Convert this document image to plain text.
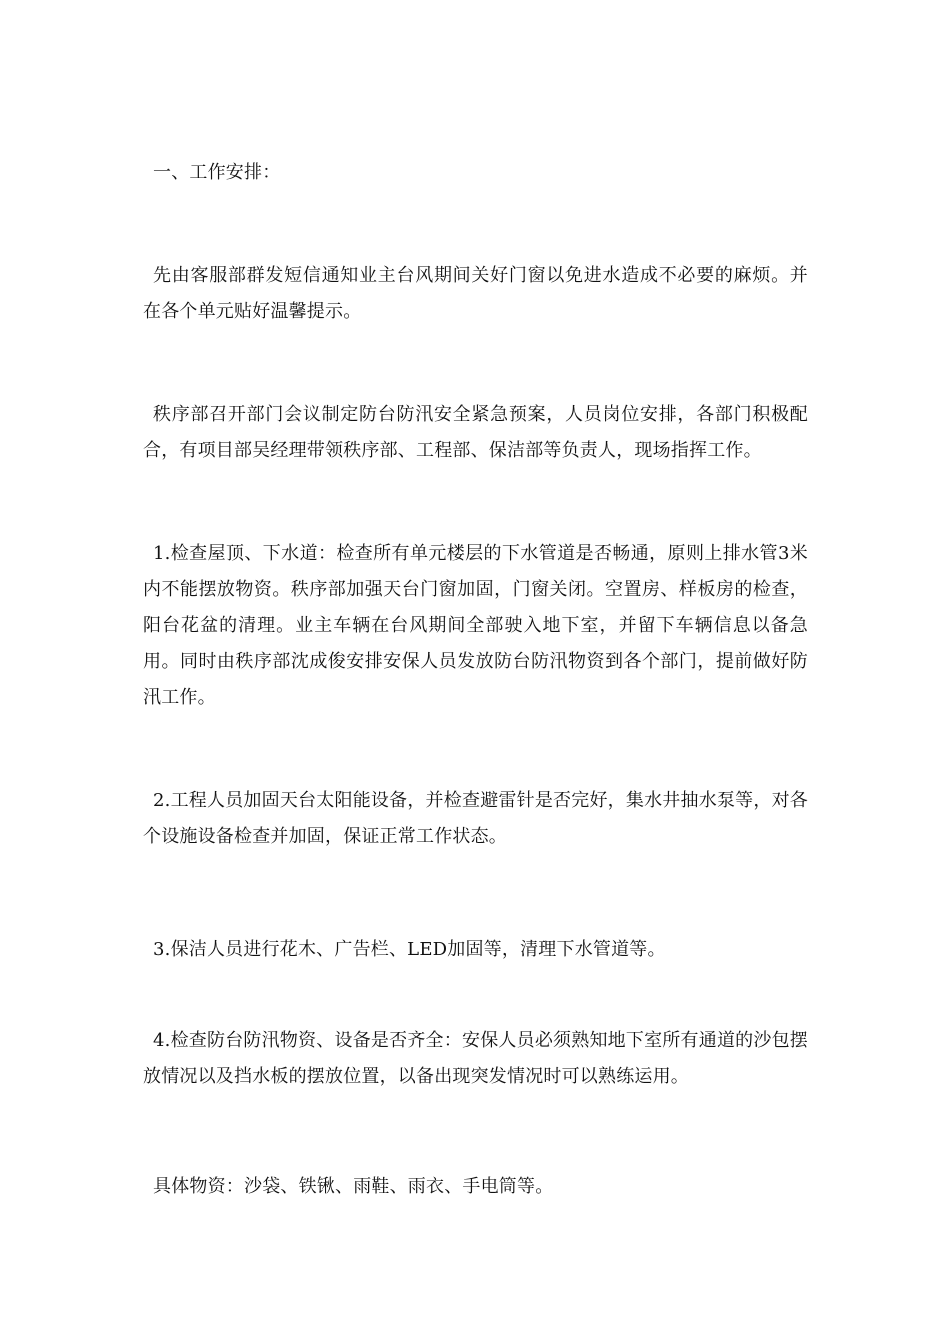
一、工作安排：

先由客服部群发短信通知业主台风期间关好门窗以免进水造成不必要的麻烦。并在各个单元贴好温馨提示。

秩序部召开部门会议制定防台防汛安全紧急预案，人员岗位安排，各部门积极配合，有项目部吴经理带领秩序部、工程部、保洁部等负责人，现场指挥工作。

1.检查屋顶、下水道：检查所有单元楼层的下水管道是否畅通，原则上排水管3米内不能摆放物资。秩序部加强天台门窗加固，门窗关闭。空置房、样板房的检查，阳台花盆的清理。业主车辆在台风期间全部驶入地下室，并留下车辆信息以备急用。同时由秩序部沈成俊安排安保人员发放防台防汛物资到各个部门，提前做好防汛工作。

2.工程人员加固天台太阳能设备，并检查避雷针是否完好，集水井抽水泵等，对各个设施设备检查并加固，保证正常工作状态。

3.保洁人员进行花木、广告栏、LED加固等，清理下水管道等。

4.检查防台防汛物资、设备是否齐全：安保人员必须熟知地下室所有通道的沙包摆放情况以及挡水板的摆放位置，以备出现突发情况时可以熟练运用。

具体物资：沙袋、铁锹、雨鞋、雨衣、手电筒等。
